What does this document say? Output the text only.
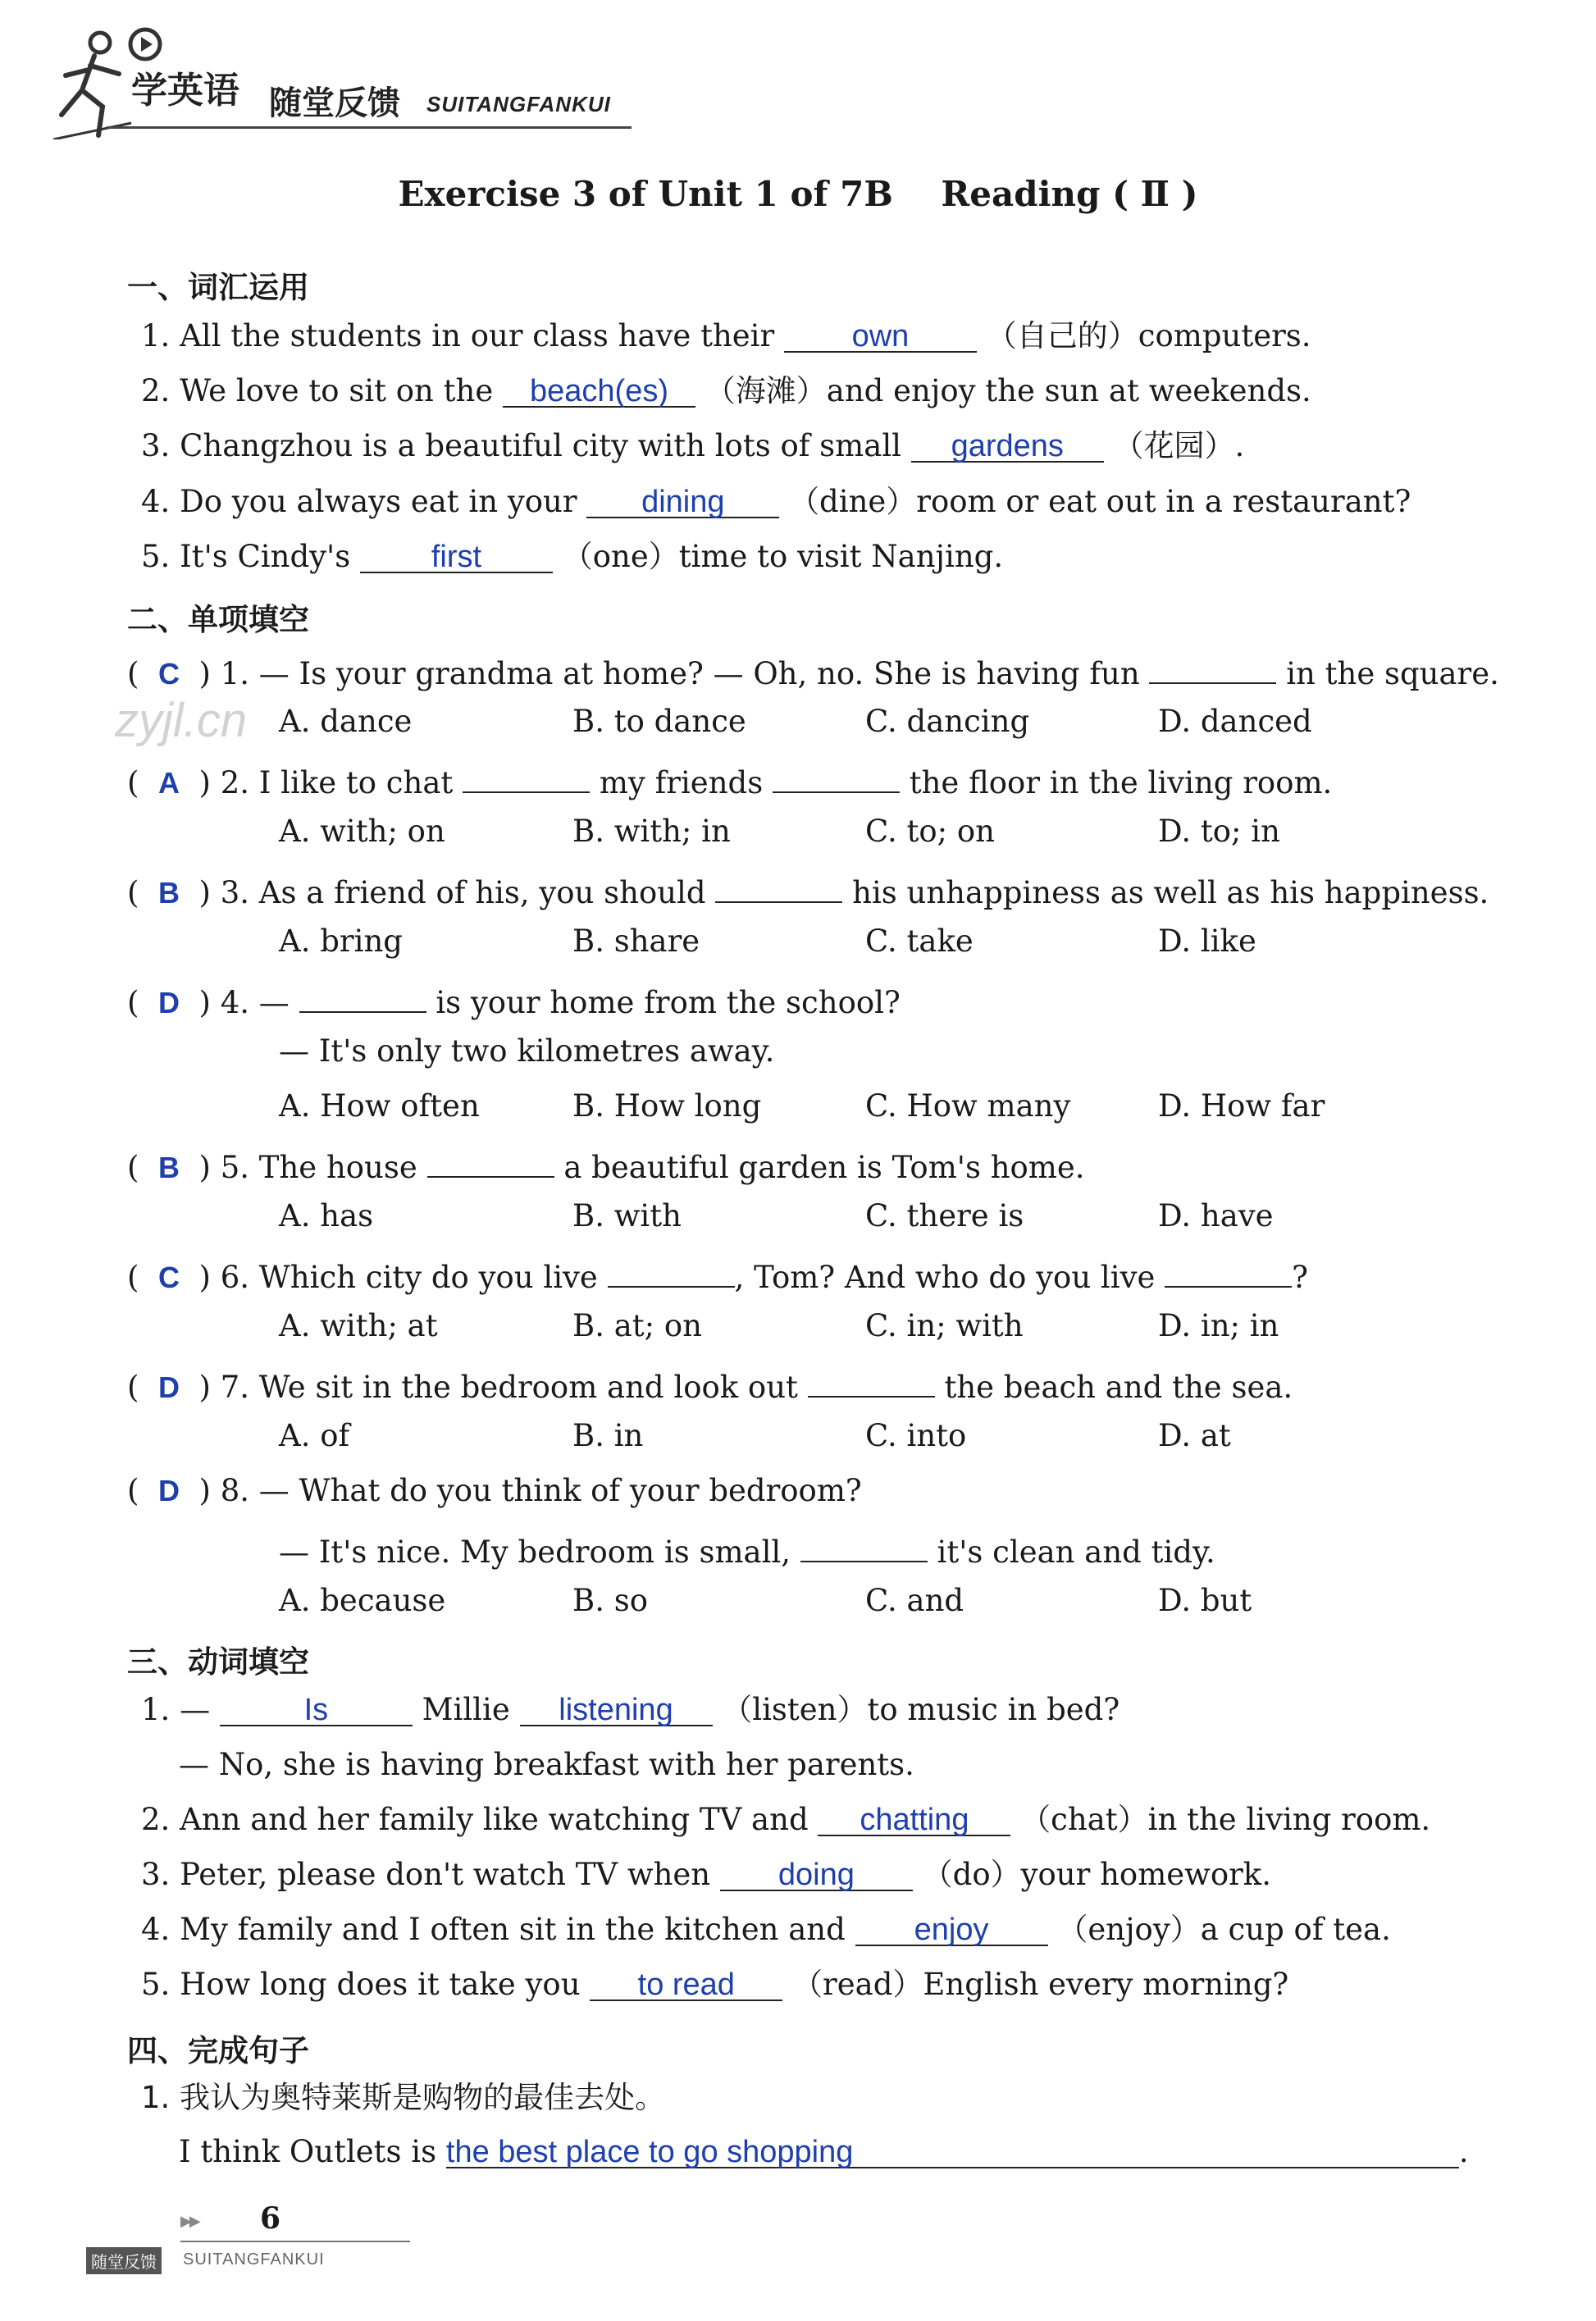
学英语 随堂反馈 SUITANGFANKUI
Exercise 3 of Unit 1 of 7B    Reading ( Ⅱ )
一、词汇运用
1. All the students in our class have their own	（自己的）computers.
2. We love to sit on the beach(es) （海滩）and enjoy the sun at weekends.
3. Changzhou is a beautiful city with lots of small gardens （花园）.
4. Do you always eat in your dining （dine）room or eat out in a restaurant?
5. It's Cindy's	first	（one）time to visit Nanjing.
二、单项填空
( C ) 1. — Is your grandma at home? — Oh, no. She is having fun	in the square.
A. dance	B. to dance	C. dancing	D. danced
( A ) 2. I like to chat	my friends	the floor in the living room.
A. with; on	B. with; in	C. to; on	D. to; in
( B ) 3. As a friend of his, you should	his unhappiness as well as his happiness.
A. bring	B. share	C. take	D. like
( D ) 4. —	is your home from the school?
— It's only two kilometres away.
A. How often	B. How long	C. How many	D. How far
( B ) 5. The house	a beautiful garden is Tom's home.
A. has	B. with	C. there is	D. have
( C ) 6. Which city do you live	, Tom? And who do you live	?
A. with; at	B. at; on	C. in; with	D. in; in
( D ) 7. We sit in the bedroom and look out	the beach and the sea.
A. of	B. in	C. into	D. at
( D ) 8. — What do you think of your bedroom?
— It's nice. My bedroom is small,	it's clean and tidy.
A. because	B. so	C. and	D. but
三、动词填空
1. —	Is	Millie listening （listen）to music in bed?
— No, she is having breakfast with her parents.
2. Ann and her family like watching TV and chatting （chat）in the living room.
3. Peter, please don't watch TV when doing （do）your homework.
4. My family and I often sit in the kitchen and enjoy （enjoy）a cup of tea.
5. How long does it take you to read （read）English every morning?
四、完成句子
1. 我认为奥特莱斯是购物的最佳去处。
I think Outlets is the best place to go shopping	.
zyjl.cn
▶▶ 6
随堂反馈	SUITANGFANKUI
